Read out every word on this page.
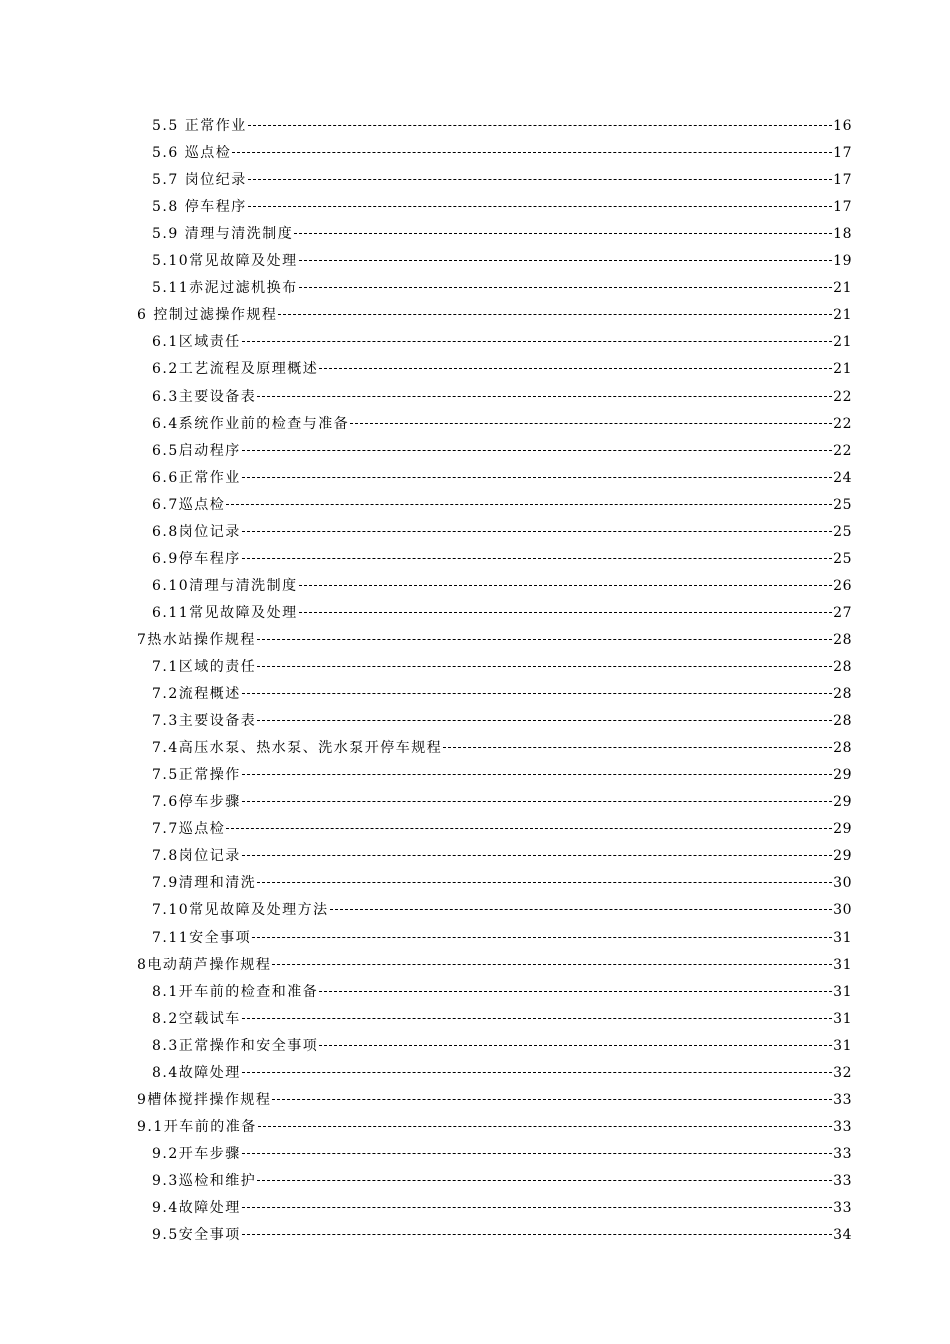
5.5 正常作业	16
5.6 巡点检	17
5.7 岗位纪录	17
5.8 停车程序	17
5.9 清理与清洗制度	18
5.10常见故障及处理	19
5.11赤泥过滤机换布	21
6 控制过滤操作规程	21
6.1区域责任	21
6.2工艺流程及原理概述	21
6.3主要设备表	22
6.4系统作业前的检查与准备	22
6.5启动程序	22
6.6正常作业	24
6.7巡点检	25
6.8岗位记录	25
6.9停车程序	25
6.10清理与清洗制度	26
6.11常见故障及处理	27
7热水站操作规程	28
7.1区域的责任	28
7.2流程概述	28
7.3主要设备表	28
7.4高压水泵、热水泵、洗水泵开停车规程	28
7.5正常操作	29
7.6停车步骤	29
7.7巡点检	29
7.8岗位记录	29
7.9清理和清洗	30
7.10常见故障及处理方法	30
7.11安全事项	31
8电动葫芦操作规程	31
8.1开车前的检查和准备	31
8.2空载试车	31
8.3正常操作和安全事项	31
8.4故障处理	32
9槽体搅拌操作规程	33
9.1开车前的准备	33
9.2开车步骤	33
9.3巡检和维护	33
9.4故障处理	33
9.5安全事项	34
